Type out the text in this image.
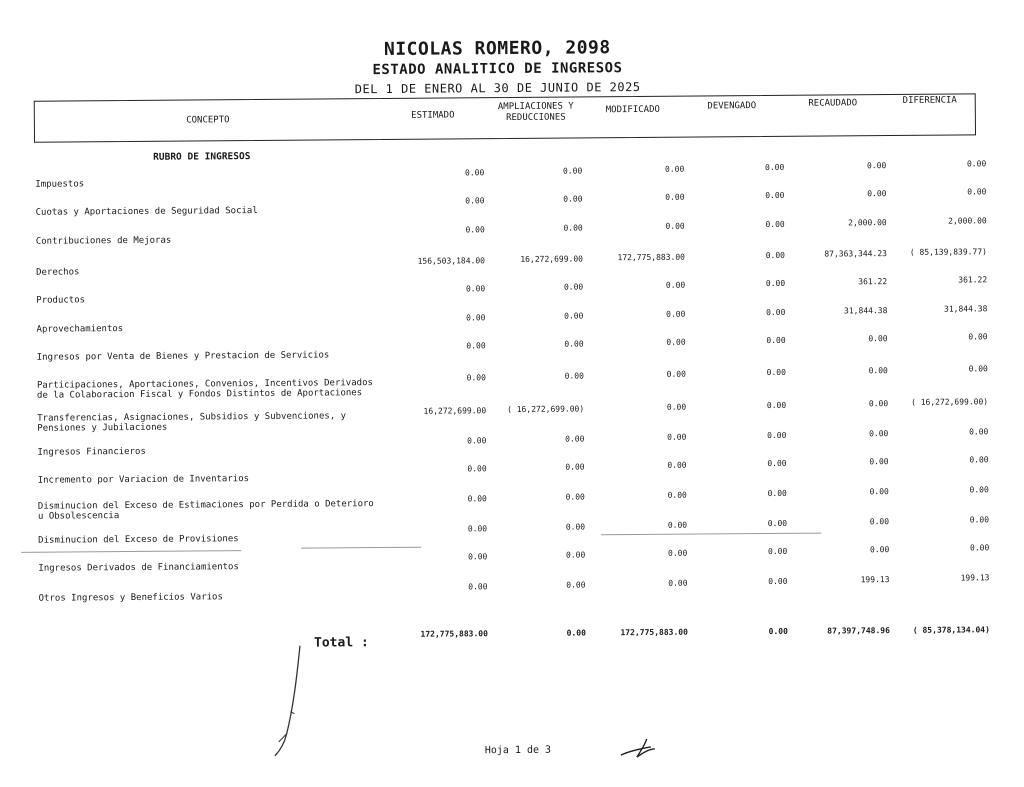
NICOLAS ROMERO, 2098
ESTADO ANALITICO DE INGRESOS
DEL 1 DE ENERO AL 30 DE JUNIO DE 2025
CONCEPTO	ESTIMADO
AMPLIACIONES Y
REDUCCIONES
MODIFICADO	DEVENGADO	RECAUDADO	DIFERENCIA
RUBRO DE INGRESOS
Impuestos
0.00	0.00	0.00	0.00	0.00	0.00
Cuotas y Aportaciones de Seguridad Social
0.00	0.00	0.00	0.00	0.00	0.00
Contribuciones de Mejoras
0.00	0.00	0.00	0.00	2,000.00	2,000.00
Derechos
156,503,184.00	16,272,699.00	172,775,883.00	0.00	87,363,344.23	( 85,139,839.77)
Productos
0.00	0.00	0.00	0.00	361.22	361.22
Aprovechamientos
0.00	0.00	0.00	0.00	31,844.38	31,844.38
Ingresos por Venta de Bienes y Prestacion de Servicios
0.00	0.00	0.00	0.00	0.00	0.00
Participaciones, Aportaciones, Convenios, Incentivos Derivados
de la Colaboracion Fiscal y Fondos Distintos de Aportaciones
0.00	0.00	0.00	0.00	0.00	0.00
Transferencias, Asignaciones, Subsidios y Subvenciones, y
Pensiones y Jubilaciones
16,272,699.00	( 16,272,699.00)	0.00	0.00	0.00	( 16,272,699.00)
Ingresos Financieros
0.00	0.00	0.00	0.00	0.00	0.00
Incremento por Variacion de Inventarios
0.00	0.00	0.00	0.00	0.00	0.00
Disminucion del Exceso de Estimaciones por Perdida o Deterioro
u Obsolescencia
0.00	0.00	0.00	0.00	0.00	0.00
Disminucion del Exceso de Provisiones
0.00	0.00	0.00	0.00	0.00	0.00
Ingresos Derivados de Financiamientos
0.00	0.00	0.00	0.00	0.00	0.00
Otros Ingresos y Beneficios Varios
0.00	0.00	0.00	0.00	199.13	199.13
Total :
172,775,883.00	0.00	172,775,883.00	0.00	87,397,748.96	( 85,378,134.04)
Hoja 1 de 3
